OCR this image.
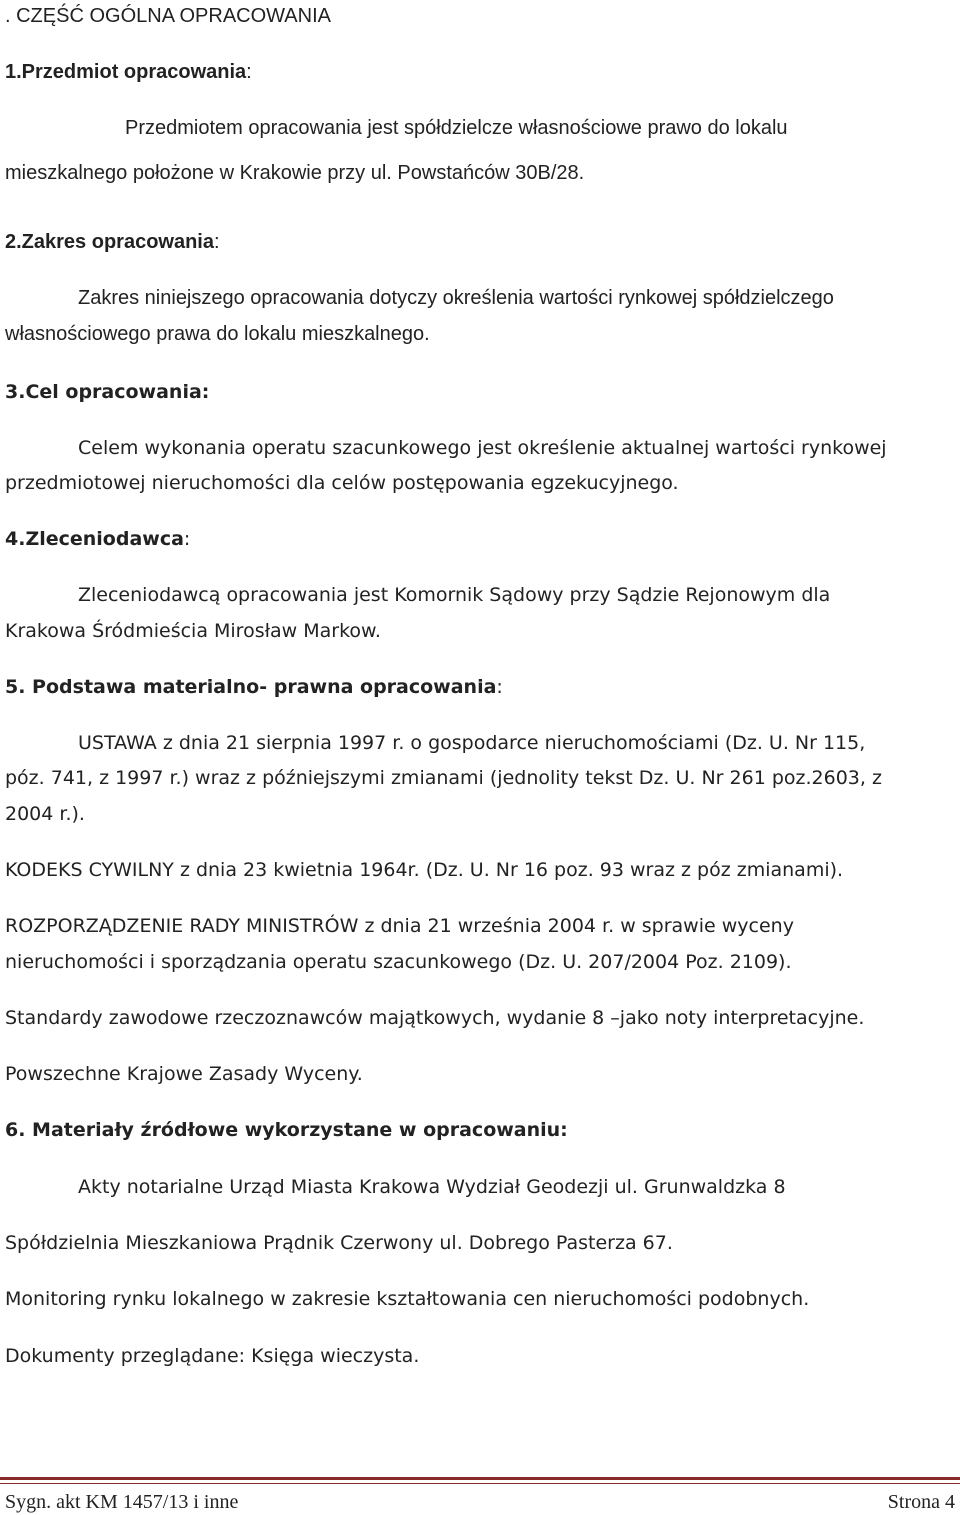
. CZĘŚĆ OGÓLNA OPRACOWANIA
1.Przedmiot opracowania:
Przedmiotem opracowania jest spółdzielcze własnościowe prawo do lokalu
mieszkalnego położone w Krakowie przy ul. Powstańców 30B/28.
2.Zakres opracowania:
Zakres niniejszego opracowania dotyczy określenia wartości rynkowej spółdzielczego
własnościowego prawa do lokalu mieszkalnego.
3.Cel opracowania:
Celem wykonania operatu szacunkowego jest określenie aktualnej wartości rynkowej
przedmiotowej nieruchomości dla celów postępowania egzekucyjnego.
4.Zleceniodawca:
Zleceniodawcą opracowania jest Komornik Sądowy przy Sądzie Rejonowym dla
Krakowa Śródmieścia Mirosław Markow.
5. Podstawa materialno- prawna opracowania:
USTAWA z dnia 21 sierpnia 1997 r. o gospodarce nieruchomościami (Dz. U. Nr 115,
póz. 741, z 1997 r.) wraz z późniejszymi zmianami (jednolity tekst Dz. U. Nr 261 poz.2603, z
2004 r.).
KODEKS CYWILNY z dnia 23 kwietnia 1964r. (Dz. U. Nr 16 poz. 93 wraz z póz zmianami).
ROZPORZĄDZENIE RADY MINISTRÓW z dnia 21 września 2004 r. w sprawie wyceny
nieruchomości i sporządzania operatu szacunkowego (Dz. U. 207/2004 Poz. 2109).
Standardy zawodowe rzeczoznawców majątkowych, wydanie 8 –jako noty interpretacyjne.
Powszechne Krajowe Zasady Wyceny.
6. Materiały źródłowe wykorzystane w opracowaniu:
Akty notarialne Urząd Miasta Krakowa Wydział Geodezji ul. Grunwaldzka 8
Spółdzielnia Mieszkaniowa Prądnik Czerwony ul. Dobrego Pasterza 67.
Monitoring rynku lokalnego w zakresie kształtowania cen nieruchomości podobnych.
Dokumenty przeglądane: Księga wieczysta.
Sygn. akt KM 1457/13 i inne	Strona 4
